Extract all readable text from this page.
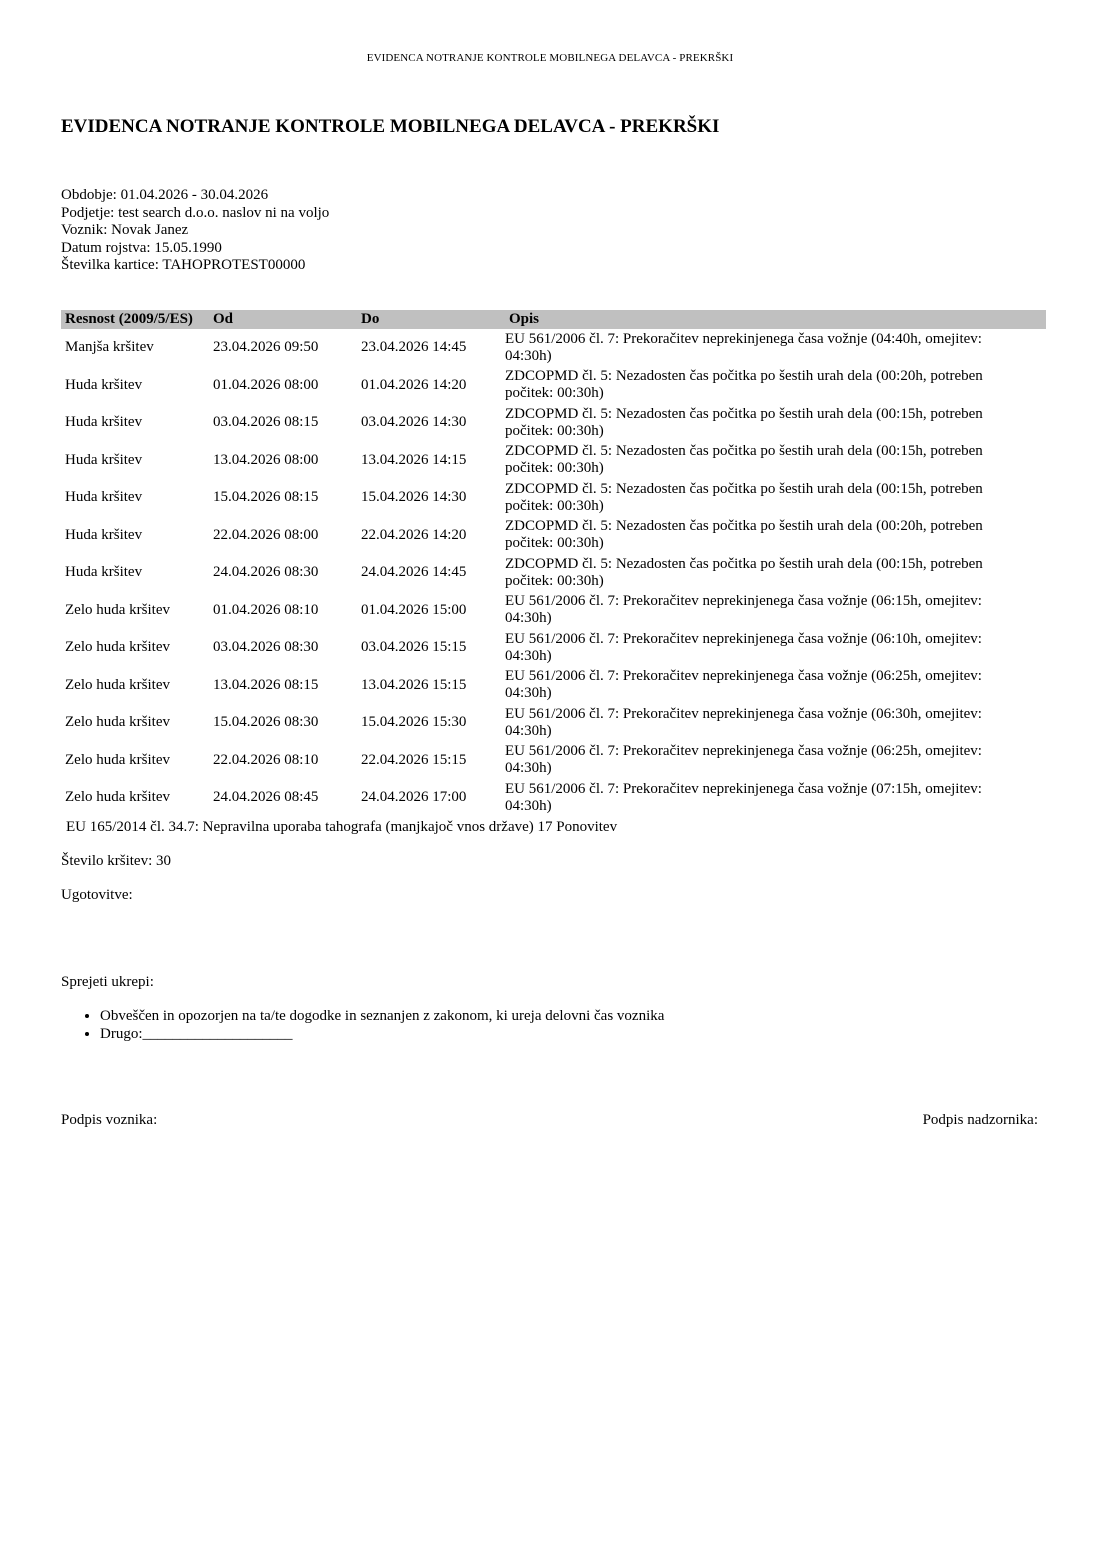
EVIDENCA NOTRANJE KONTROLE MOBILNEGA DELAVCA - PREKRŠKI
EVIDENCA NOTRANJE KONTROLE MOBILNEGA DELAVCA - PREKRŠKI
Obdobje: 01.04.2026 - 30.04.2026
Podjetje: test search d.o.o. naslov ni na voljo
Voznik: Novak Janez
Datum rojstva: 15.05.1990
Številka kartice: TAHOPROTEST00000
Resnost (2009/5/ES)	Od	Do	Opis
Manjša kršitev	23.04.2026 09:50	23.04.2026 14:45	EU 561/2006 čl. 7: Prekoračitev neprekinjenega časa vožnje (04:40h, omejitev: 04:30h)
Huda kršitev	01.04.2026 08:00	01.04.2026 14:20	ZDCOPMD čl. 5: Nezadosten čas počitka po šestih urah dela (00:20h, potreben počitek: 00:30h)
Huda kršitev	03.04.2026 08:15	03.04.2026 14:30	ZDCOPMD čl. 5: Nezadosten čas počitka po šestih urah dela (00:15h, potreben počitek: 00:30h)
Huda kršitev	13.04.2026 08:00	13.04.2026 14:15	ZDCOPMD čl. 5: Nezadosten čas počitka po šestih urah dela (00:15h, potreben počitek: 00:30h)
Huda kršitev	15.04.2026 08:15	15.04.2026 14:30	ZDCOPMD čl. 5: Nezadosten čas počitka po šestih urah dela (00:15h, potreben počitek: 00:30h)
Huda kršitev	22.04.2026 08:00	22.04.2026 14:20	ZDCOPMD čl. 5: Nezadosten čas počitka po šestih urah dela (00:20h, potreben počitek: 00:30h)
Huda kršitev	24.04.2026 08:30	24.04.2026 14:45	ZDCOPMD čl. 5: Nezadosten čas počitka po šestih urah dela (00:15h, potreben počitek: 00:30h)
Zelo huda kršitev	01.04.2026 08:10	01.04.2026 15:00	EU 561/2006 čl. 7: Prekoračitev neprekinjenega časa vožnje (06:15h, omejitev: 04:30h)
Zelo huda kršitev	03.04.2026 08:30	03.04.2026 15:15	EU 561/2006 čl. 7: Prekoračitev neprekinjenega časa vožnje (06:10h, omejitev: 04:30h)
Zelo huda kršitev	13.04.2026 08:15	13.04.2026 15:15	EU 561/2006 čl. 7: Prekoračitev neprekinjenega časa vožnje (06:25h, omejitev: 04:30h)
Zelo huda kršitev	15.04.2026 08:30	15.04.2026 15:30	EU 561/2006 čl. 7: Prekoračitev neprekinjenega časa vožnje (06:30h, omejitev: 04:30h)
Zelo huda kršitev	22.04.2026 08:10	22.04.2026 15:15	EU 561/2006 čl. 7: Prekoračitev neprekinjenega časa vožnje (06:25h, omejitev: 04:30h)
Zelo huda kršitev	24.04.2026 08:45	24.04.2026 17:00	EU 561/2006 čl. 7: Prekoračitev neprekinjenega časa vožnje (07:15h, omejitev: 04:30h)
EU 165/2014 čl. 34.7: Nepravilna uporaba tahografa (manjkajoč vnos države) 17 Ponovitev
Število kršitev: 30
Ugotovitve:
Sprejeti ukrepi:
• Obveščen in opozorjen na ta/te dogodke in seznanjen z zakonom, ki ureja delovni čas voznika
• Drugo:____________________
Podpis voznika:	Podpis nadzornika:
